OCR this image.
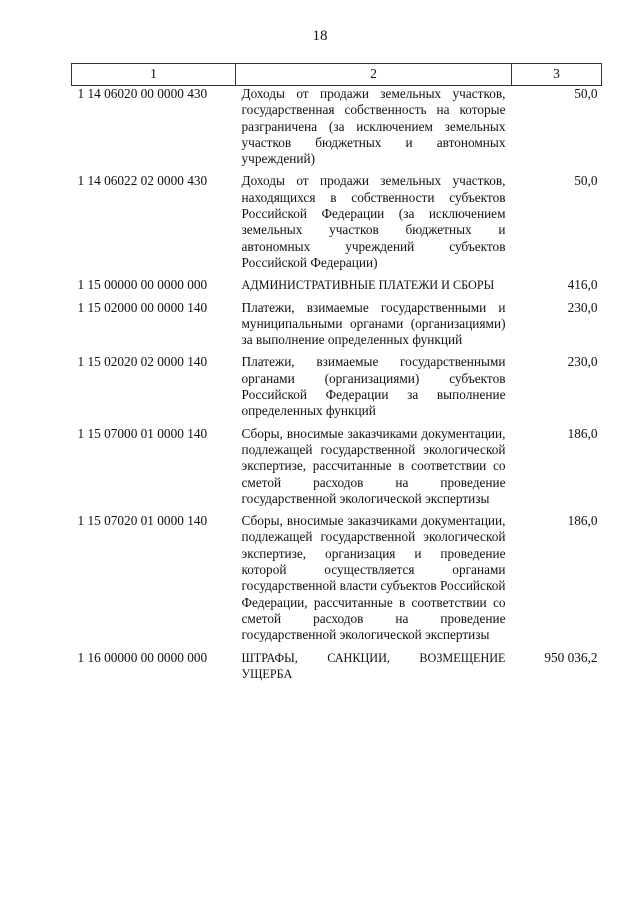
18
1	2	3
1 14 06020 00 0000 430	Доходы от продажи земельных участков, государственная собственность на которые разграничена (за исключением земельных участков бюджетных и автономных учреждений)	50,0
1 14 06022 02 0000 430	Доходы от продажи земельных участков, находящихся в собственности субъектов Российской Федерации (за исключением земельных участков бюджетных и автономных учреждений субъектов Российской Федерации)	50,0
1 15 00000 00 0000 000	АДМИНИСТРАТИВНЫЕ ПЛАТЕЖИ И СБОРЫ	416,0
1 15 02000 00 0000 140	Платежи, взимаемые государственными и муниципальными органами (организациями) за выполнение определенных функций	230,0
1 15 02020 02 0000 140	Платежи, взимаемые государственными органами (организациями) субъектов Российской Федерации за выполнение определенных функций	230,0
1 15 07000 01 0000 140	Сборы, вносимые заказчиками документации, подлежащей государственной экологической экспертизе, рассчитанные в соответствии со сметой расходов на проведение государственной экологической экспертизы	186,0
1 15 07020 01 0000 140	Сборы, вносимые заказчиками документации, подлежащей государственной экологической экспертизе, организация и проведение которой осуществляется органами государственной власти субъектов Российской Федерации, рассчитанные в соответствии со сметой расходов на проведение государственной экологической экспертизы	186,0
1 16 00000 00 0000 000	ШТРАФЫ, САНКЦИИ, ВОЗМЕЩЕНИЕ УЩЕРБА	950 036,2
